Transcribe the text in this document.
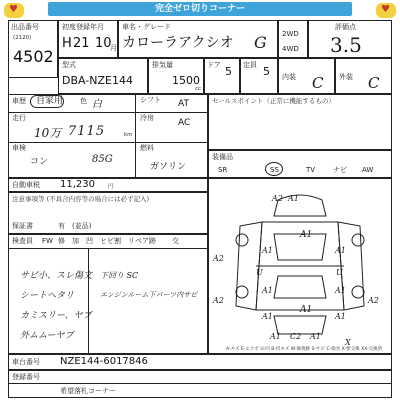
完全ゼロ切りコーナー
♥	♥
出品番号
(2120)
4502
初度登録年月
H 21 10
月
車名・グレード
カローラアクシオ G 2WD
4WD
評価点
3.5
型式
DBA-NZE144
排気量
1500
cc
ドア 5 定員 5 内装 C 外装 C
車歴 自家用 色 白	シフト AT
冷房	AC
走行
10万 7115	km
車検
コン	85G
燃料
ガソリン
自動車税 11,230 円
注意事項等 (不具合内容等の場合には必ず記入)
保証書	有 (並品)
セールスポイント（正常に機能するもの）
装備品
SR	SS	TV	ナビ AW
A2 A1
A1
A2
A1	A1
U	U
A1	A1
A2	A2
A1
A1	A1
A1 C2 A1
X
A-キズ E-エクボ U-凹 B-凹キズ W-修理跡 S-サビ C-腐食 X-要交換 XX-交換済
検査員 FW 修 加 凹 ヒビ割 リペア跡 交
サビ小、スレ傷文
シートヘタリ
カミスリー、ヤブ
外ムムーヤブ
下回り SC
エンジンルーム下パーツ内サビ
車台番号 NZE144-6017846
登録番号
希望落札コーナー
